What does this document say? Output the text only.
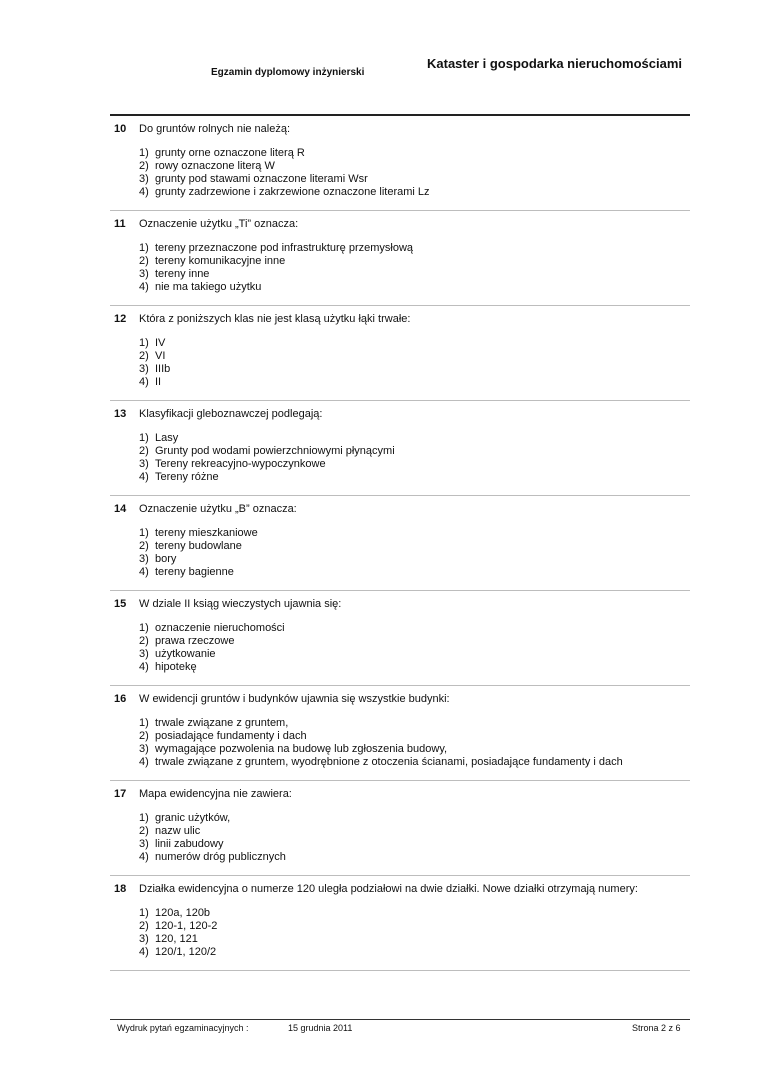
Egzamin dyplomowy inżynierski
Kataster i gospodarka nieruchomościami
10 Do gruntów rolnych nie należą:
1) grunty orne oznaczone literą R
2) rowy oznaczone literą W
3) grunty pod stawami oznaczone literami Wsr
4) grunty zadrzewione i zakrzewione oznaczone literami Lz
11 Oznaczenie użytku „Ti” oznacza:
1) tereny przeznaczone pod infrastrukturę przemysłową
2) tereny komunikacyjne inne
3) tereny inne
4) nie ma takiego użytku
12 Która z poniższych klas nie jest klasą użytku łąki trwałe:
1) IV
2) VI
3) IIIb
4) II
13 Klasyfikacji gleboznawczej podlegają:
1) Lasy
2) Grunty pod wodami powierzchniowymi płynącymi
3) Tereny rekreacyjno-wypoczynkowe
4) Tereny różne
14 Oznaczenie użytku „B” oznacza:
1) tereny mieszkaniowe
2) tereny budowlane
3) bory
4) tereny bagienne
15 W dziale II ksiąg wieczystych ujawnia się:
1) oznaczenie nieruchomości
2) prawa rzeczowe
3) użytkowanie
4) hipotekę
16 W ewidencji gruntów i budynków ujawnia się wszystkie budynki:
1) trwale związane z gruntem,
2) posiadające fundamenty i dach
3) wymagające pozwolenia na budowę lub zgłoszenia budowy,
4) trwale związane z gruntem, wyodrębnione z otoczenia ścianami, posiadające fundamenty i dach
17 Mapa ewidencyjna nie zawiera:
1) granic użytków,
2) nazw ulic
3) linii zabudowy
4) numerów dróg publicznych
18 Działka ewidencyjna o numerze 120 uległa podziałowi na dwie działki. Nowe działki otrzymają numery:
1) 120a, 120b
2) 120-1, 120-2
3) 120, 121
4) 120/1, 120/2
Wydruk pytań egzaminacyjnych :	15 grudnia 2011	Strona 2 z 6
